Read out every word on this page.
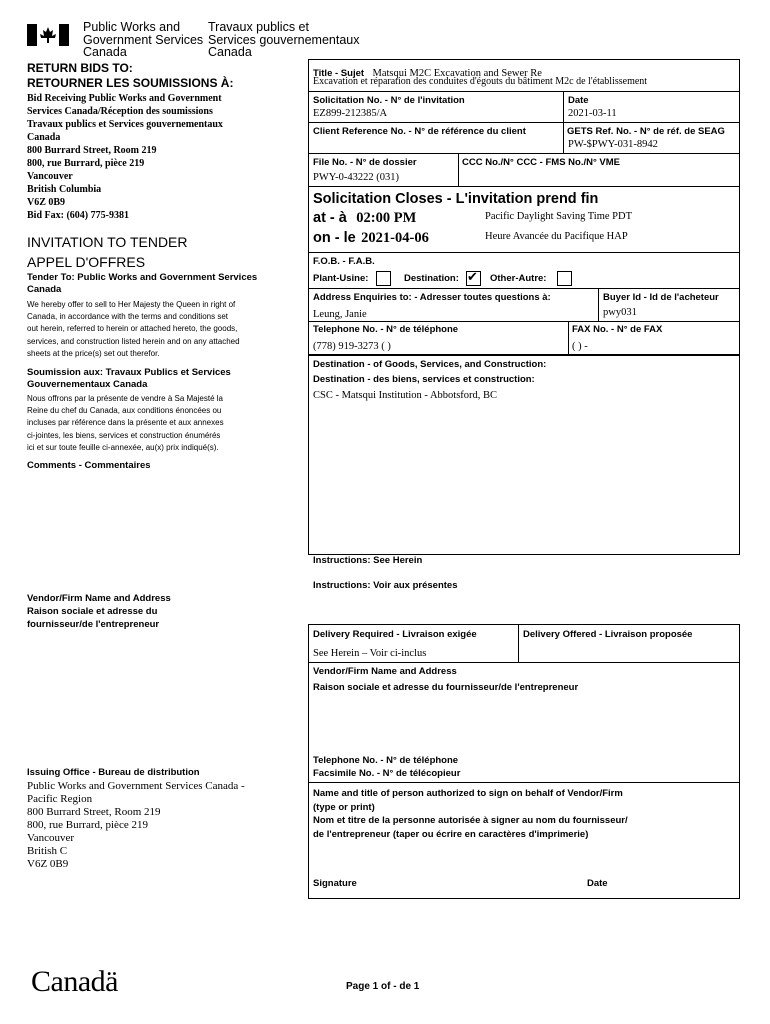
Public Works and
Government Services
Canada
Travaux publics et
Services gouvernementaux
Canada
RETURN BIDS TO:
RETOURNER LES SOUMISSIONS À:
Bid Receiving Public Works and Government
Services Canada/Réception des soumissions
Travaux publics et Services gouvernementaux
Canada
800 Burrard Street, Room 219
800, rue Burrard, pièce 219
Vancouver
British Columbia
V6Z 0B9
Bid Fax: (604) 775-9381
INVITATION TO TENDER
APPEL D'OFFRES
Tender To: Public Works and Government Services
Canada
We hereby offer to sell to Her Majesty the Queen in right of
Canada, in accordance with the terms and conditions set
out herein, referred to herein or attached hereto, the goods,
services, and construction listed herein and on any attached
sheets at the price(s) set out therefor.
Soumission aux: Travaux Publics et Services
Gouvernementaux Canada
Nous offrons par la présente de vendre à Sa Majesté la
Reine du chef du Canada, aux conditions énoncées ou
incluses par référence dans la présente et aux annexes
ci-jointes, les biens, services et construction énumérés
ici et sur toute feuille ci-annexée, au(x) prix indiqué(s).
Comments - Commentaires
Vendor/Firm Name and Address
Raison sociale et adresse du
fournisseur/de l'entrepreneur
Issuing Office - Bureau de distribution
Public Works and Government Services Canada -
Pacific Region
800 Burrard Street, Room 219
800, rue Burrard, pièce 219
Vancouver
British C
V6Z 0B9
Title - Sujet Matsqui M2C Excavation and Sewer Re
Excavation et réparation des conduites d'égouts du bâtiment M2c de l'établissement
Solicitation No. - N° de l'invitation
EZ899-212385/A
Date
2021-03-11
Client Reference No. - N° de référence du client	GETS Ref. No. - N° de réf. de SEAG
PW-$PWY-031-8942
File No. - N° de dossier
PWY-0-43222 (031)
CCC No./N° CCC - FMS No./N° VME
Solicitation Closes - L'invitation prend fin
at - à 02:00 PM
on - le 2021-04-06
Pacific Daylight Saving Time PDT
Heure Avancée du Pacifique HAP
F.O.B. - F.A.B.
Plant-Usine:	Destination: ✔ Other-Autre:
Address Enquiries to: - Adresser toutes questions à:
Leung, Janie
Buyer Id - Id de l'acheteur
pwy031
Telephone No. - N° de téléphone
(778) 919-3273 ( )
FAX No. - N° de FAX
( ) -
Destination - of Goods, Services, and Construction:
Destination - des biens, services et construction:
CSC - Matsqui Institution - Abbotsford, BC
Instructions: See Herein
Instructions: Voir aux présentes
Delivery Required - Livraison exigée
See Herein – Voir ci-inclus
Delivery Offered - Livraison proposée
Vendor/Firm Name and Address
Raison sociale et adresse du fournisseur/de l'entrepreneur
Telephone No. - N° de téléphone
Facsimile No. - N° de télécopieur
Name and title of person authorized to sign on behalf of Vendor/Firm
(type or print)
Nom et titre de la personne autorisée à signer au nom du fournisseur/
de l'entrepreneur (taper ou écrire en caractères d'imprimerie)
Signature	Date
Canadä	Page 1 of - de 1
